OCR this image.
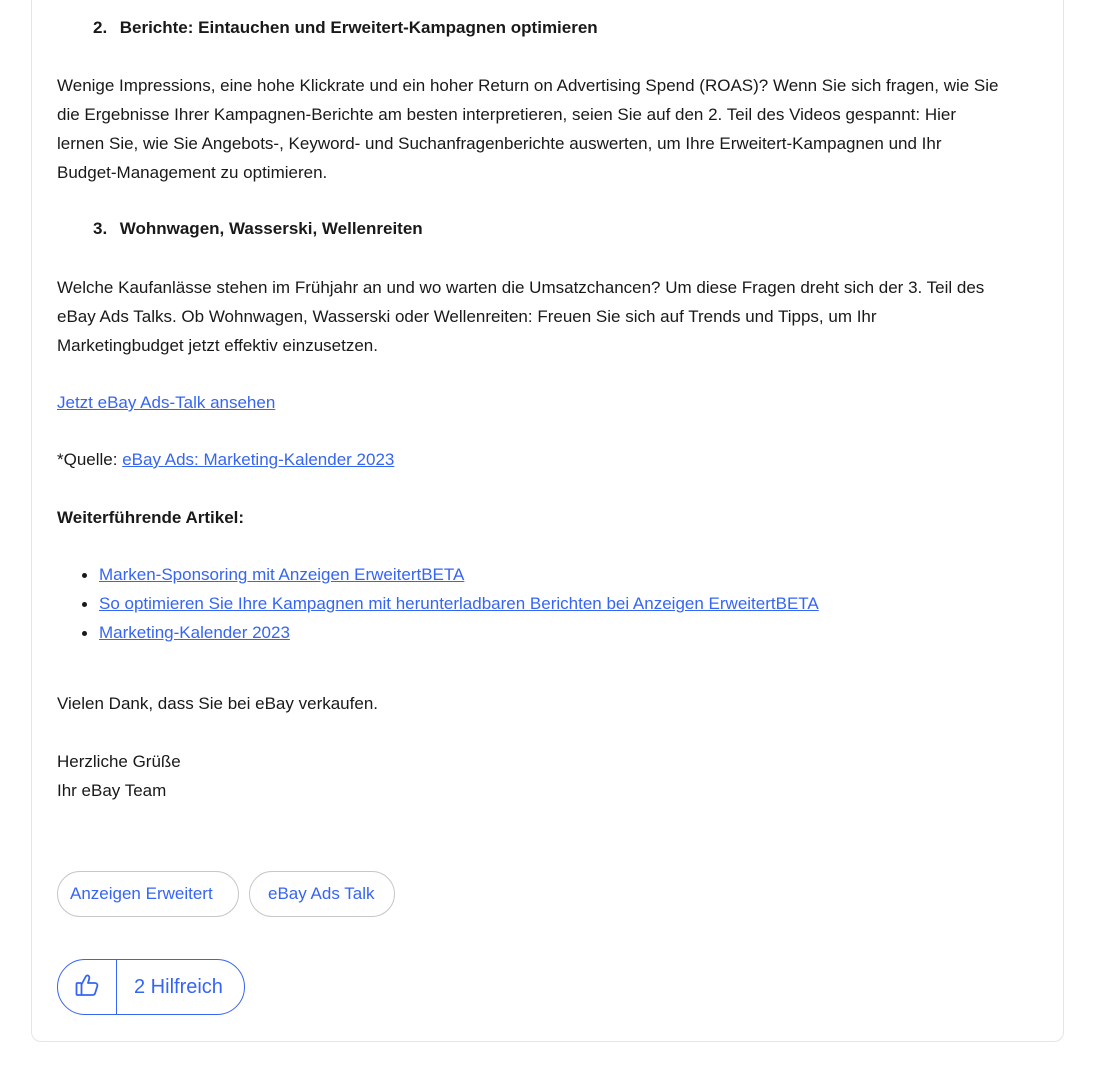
2. Berichte: Eintauchen und Erweitert-Kampagnen optimieren
Wenige Impressions, eine hohe Klickrate und ein hoher Return on Advertising Spend (ROAS)? Wenn Sie sich fragen, wie Sie
die Ergebnisse Ihrer Kampagnen-Berichte am besten interpretieren, seien Sie auf den 2. Teil des Videos gespannt: Hier
lernen Sie, wie Sie Angebots-, Keyword- und Suchanfragenberichte auswerten, um Ihre Erweitert-Kampagnen und Ihr
Budget-Management zu optimieren.
3. Wohnwagen, Wasserski, Wellenreiten
Welche Kaufanlässe stehen im Frühjahr an und wo warten die Umsatzchancen? Um diese Fragen dreht sich der 3. Teil des
eBay Ads Talks. Ob Wohnwagen, Wasserski oder Wellenreiten: Freuen Sie sich auf Trends und Tipps, um Ihr
Marketingbudget jetzt effektiv einzusetzen.
Jetzt eBay Ads-Talk ansehen
*Quelle: eBay Ads: Marketing-Kalender 2023
Weiterführende Artikel:
Marken-Sponsoring mit Anzeigen ErweitertBETA
So optimieren Sie Ihre Kampagnen mit herunterladbaren Berichten bei Anzeigen ErweitertBETA
Marketing-Kalender 2023
Vielen Dank, dass Sie bei eBay verkaufen.
Herzliche Grüße
Ihr eBay Team
Anzeigen Erweitert	eBay Ads Talk
2 Hilfreich
